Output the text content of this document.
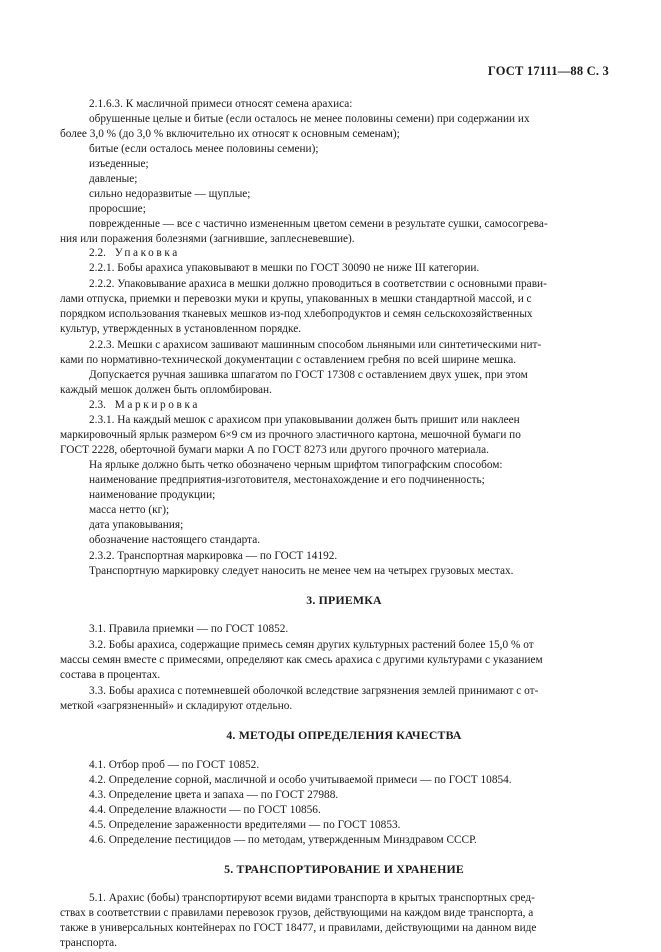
ГОСТ 17111—88 С. 3
2.1.6.3. К масличной примеси относят семена арахиса:
обрушенные целые и битые (если осталось не менее половины семени) при содержании их
более 3,0 % (до 3,0 % включительно их относят к основным семенам);
битые (если осталось менее половины семени);
изъеденные;
давленые;
сильно недоразвитые — щуплые;
проросшие;
поврежденные — все с частично измененным цветом семени в результате сушки, самосогрева-
ния или поражения болезнями (загнившие, заплесневевшие).
2.2. Упаковка
2.2.1. Бобы арахиса упаковывают в мешки по ГОСТ 30090 не ниже III категории.
2.2.2. Упаковывание арахиса в мешки должно проводиться в соответствии с основными прави-
лами отпуска, приемки и перевозки муки и крупы, упакованных в мешки стандартной массой, и с
порядком использования тканевых мешков из-под хлебопродуктов и семян сельскохозяйственных
культур, утвержденных в установленном порядке.
2.2.3. Мешки с арахисом зашивают машинным способом льняными или синтетическими нит-
ками по нормативно-технической документации с оставлением гребня по всей ширине мешка.
Допускается ручная зашивка шпагатом по ГОСТ 17308 с оставлением двух ушек, при этом
каждый мешок должен быть опломбирован.
2.3. Маркировка
2.3.1. На каждый мешок с арахисом при упаковывании должен быть пришит или наклеен
маркировочный ярлык размером 6×9 см из прочного эластичного картона, мешочной бумаги по
ГОСТ 2228, оберточной бумаги марки А по ГОСТ 8273 или другого прочного материала.
На ярлыке должно быть четко обозначено черным шрифтом типографским способом:
наименование предприятия-изготовителя, местонахождение и его подчиненность;
наименование продукции;
масса нетто (кг);
дата упаковывания;
обозначение настоящего стандарта.
2.3.2. Транспортная маркировка — по ГОСТ 14192.
Транспортную маркировку следует наносить не менее чем на четырех грузовых местах.
3. ПРИЕМКА
3.1. Правила приемки — по ГОСТ 10852.
3.2. Бобы арахиса, содержащие примесь семян других культурных растений более 15,0 % от
массы семян вместе с примесями, определяют как смесь арахиса с другими культурами с указанием
состава в процентах.
3.3. Бобы арахиса с потемневшей оболочкой вследствие загрязнения землей принимают с от-
меткой «загрязненный» и складируют отдельно.
4. МЕТОДЫ ОПРЕДЕЛЕНИЯ КАЧЕСТВА
4.1. Отбор проб — по ГОСТ 10852.
4.2. Определение сорной, масличной и особо учитываемой примеси — по ГОСТ 10854.
4.3. Определение цвета и запаха — по ГОСТ 27988.
4.4. Определение влажности — по ГОСТ 10856.
4.5. Определение зараженности вредителями — по ГОСТ 10853.
4.6. Определение пестицидов — по методам, утвержденным Минздравом СССР.
5. ТРАНСПОРТИРОВАНИЕ И ХРАНЕНИЕ
5.1. Арахис (бобы) транспортируют всеми видами транспорта в крытых транспортных сред-
ствах в соответствии с правилами перевозок грузов, действующими на каждом виде транспорта, а
также в универсальных контейнерах по ГОСТ 18477, и правилами, действующими на данном виде
транспорта.
